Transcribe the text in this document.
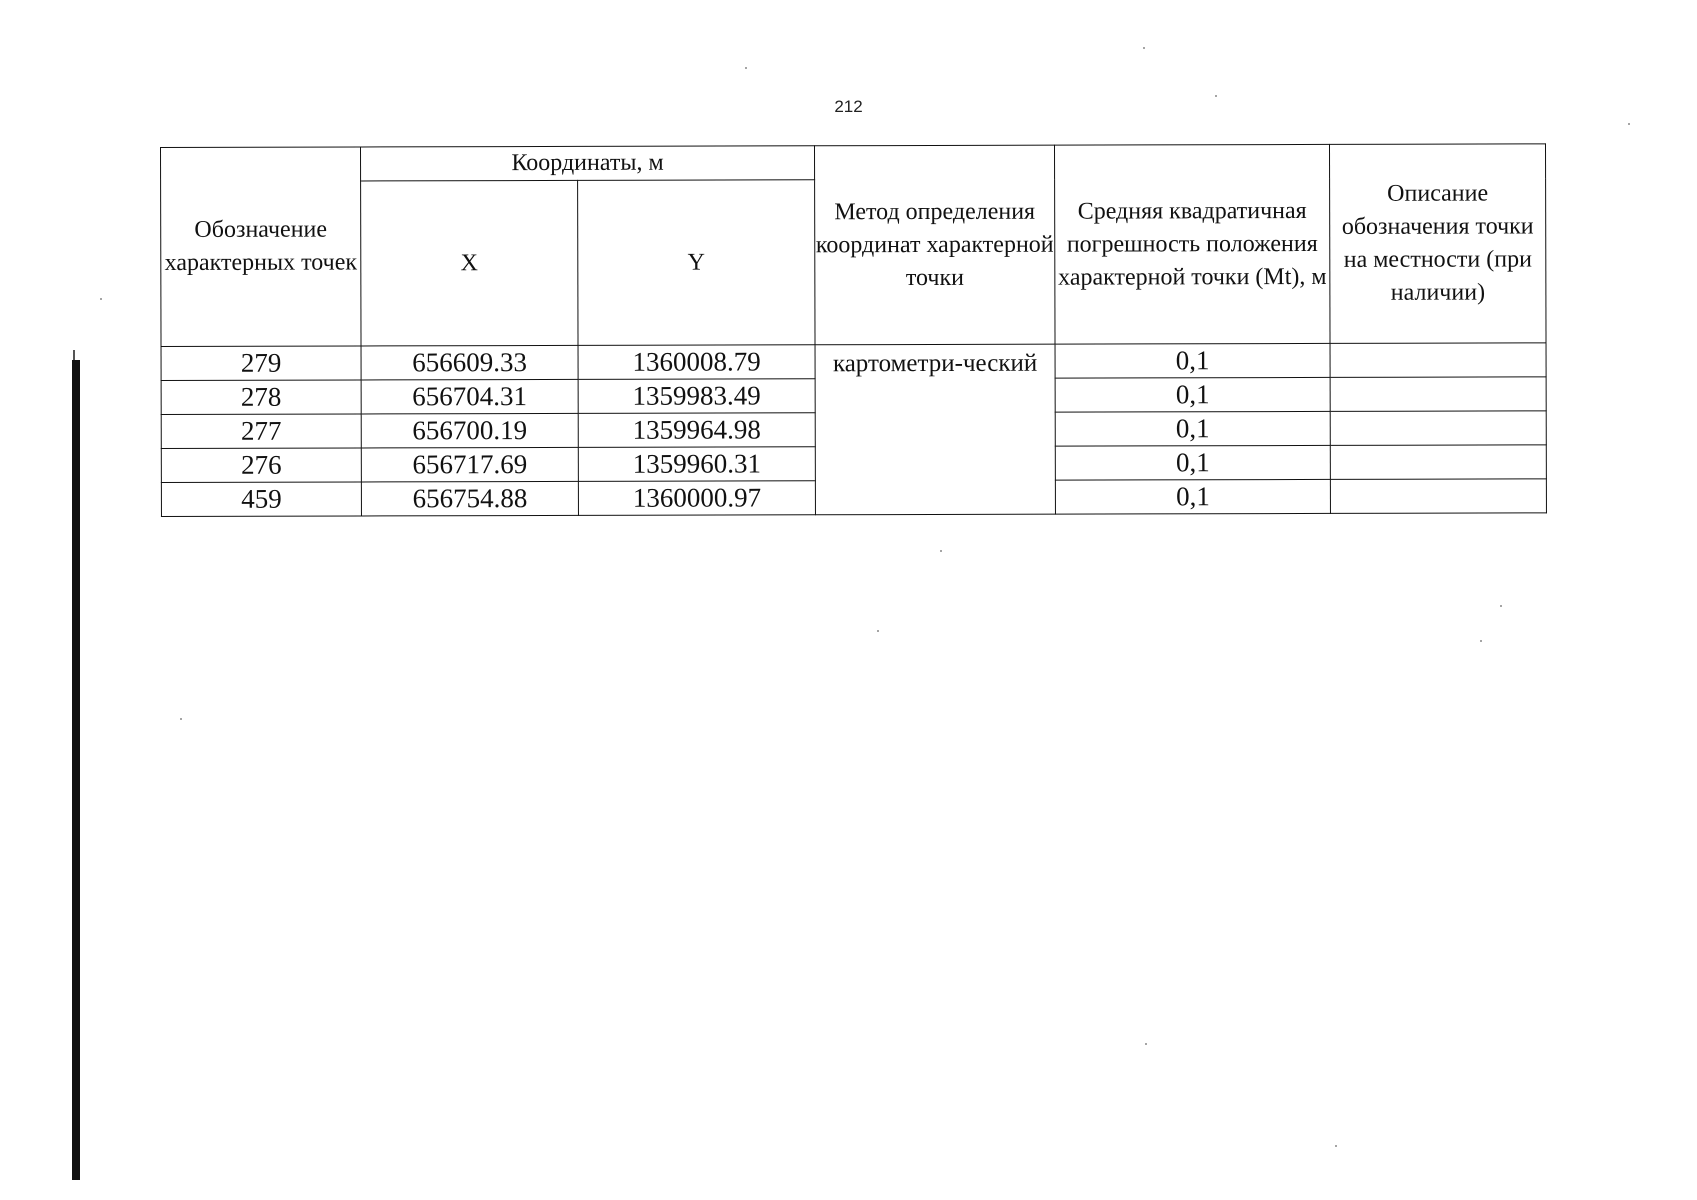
212
Обозначение характерных точек	Координаты, м		Метод определения координат характерной точки	Средняя квадратичная погрешность положения характерной точки (Mt), м	Описание обозначения точки на местности (при наличии)
	X	Y			
279	656609.33	1360008.79	картометри-ческий	0,1	
278	656704.31	1359983.49		0,1	
277	656700.19	1359964.98		0,1	
276	656717.69	1359960.31		0,1	
459	656754.88	1360000.97		0,1	
